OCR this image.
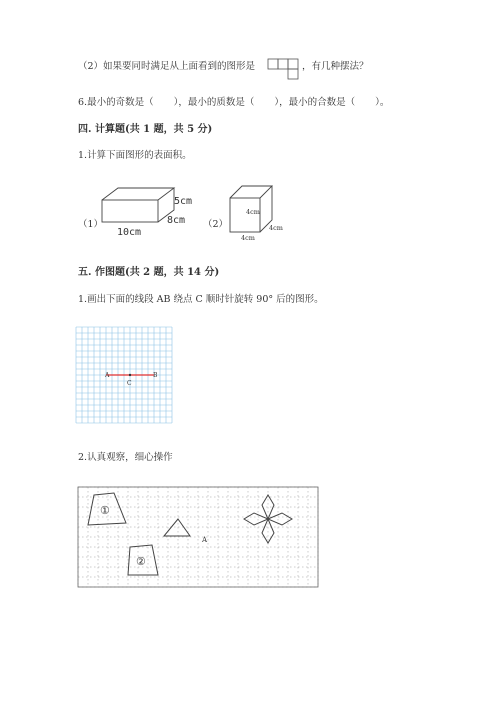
（2）如果要同时满足从上面看到的图形是	，有几种摆法？
6.最小的奇数是（ ），最小的质数是（ ），最小的合数是（ ）。
四. 计算题(共 1 题，共 5 分)
1.计算下面图形的表面积。
（1）
5cm
8cm
10cm
（2）
4cm
4cm
4cm
五. 作图题(共 2 题，共 14 分)
1.画出下面的线段 AB 绕点 C 顺时针旋转 90° 后的图形。
A	B
C
2.认真观察，细心操作
①
②
A
